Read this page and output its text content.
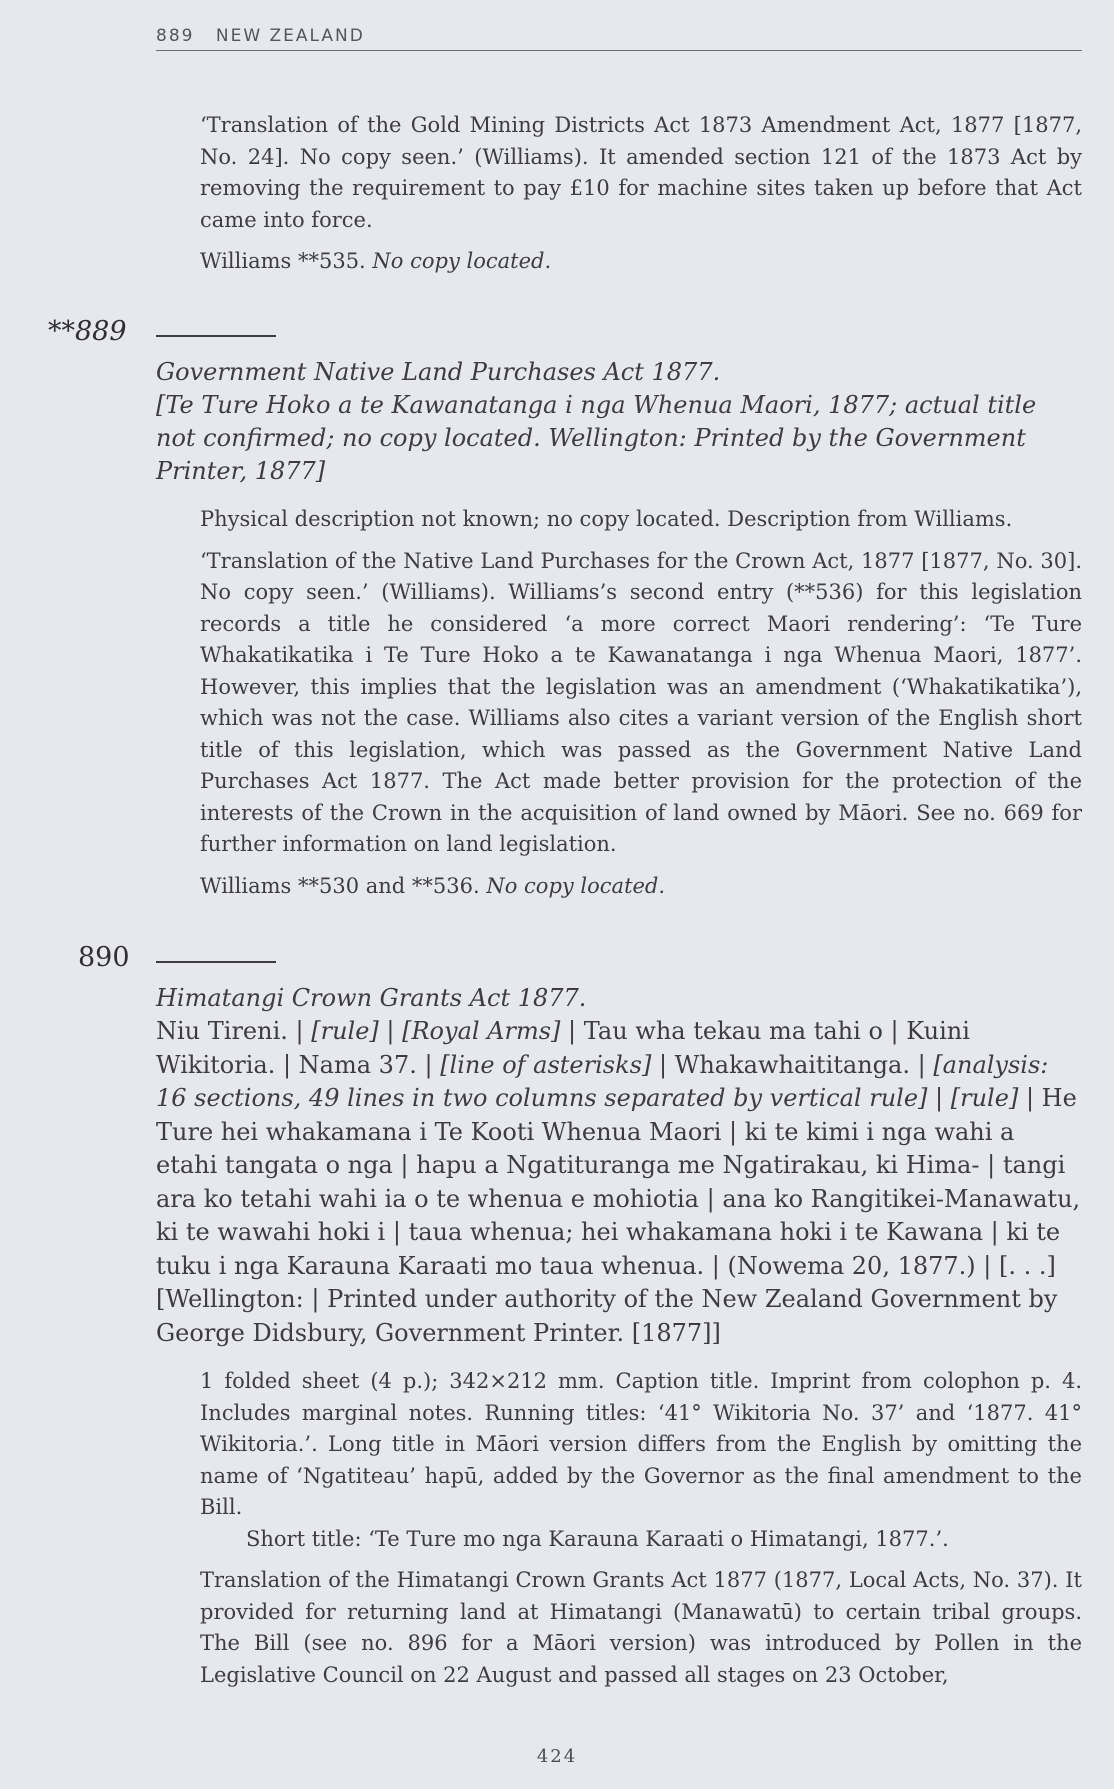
889 NEW ZEALAND

‘Translation of the Gold Mining Districts Act 1873 Amendment Act, 1877 [1877, No. 24]. No copy seen.’ (Williams). It amended section 121 of the 1873 Act by removing the requirement to pay £10 for machine sites taken up before that Act came into force.

Williams **535. No copy located.

**889

Government Native Land Purchases Act 1877.

[Te Ture Hoko a te Kawanatanga i nga Whenua Maori, 1877; actual title not confirmed; no copy located. Wellington: Printed by the Government Printer, 1877]

Physical description not known; no copy located. Description from Williams.

‘Translation of the Native Land Purchases for the Crown Act, 1877 [1877, No. 30]. No copy seen.’ (Williams). Williams’s second entry (**536) for this legislation records a title he considered ‘a more correct Maori rendering’: ‘Te Ture Whakatikatika i Te Ture Hoko a te Kawanatanga i nga Whenua Maori, 1877’. However, this implies that the legislation was an amendment (‘Whakatikatika’), which was not the case. Williams also cites a variant version of the English short title of this legislation, which was passed as the Government Native Land Purchases Act 1877. The Act made better provision for the protection of the interests of the Crown in the acquisition of land owned by Māori. See no. 669 for further information on land legislation.

Williams **530 and **536. No copy located.

890

Himatangi Crown Grants Act 1877.

Niu Tireni. | [rule] | [Royal Arms] | Tau wha tekau ma tahi o | Kuini Wikitoria. | Nama 37. | [line of asterisks] | Whakawhaititanga. | [analysis: 16 sections, 49 lines in two columns separated by vertical rule] | [rule] | He Ture hei whakamana i Te Kooti Whenua Maori | ki te kimi i nga wahi a etahi tangata o nga | hapu a Ngatituranga me Ngatirakau, ki Hima- | tangi ara ko tetahi wahi ia o te whenua e mohiotia | ana ko Rangitikei-Manawatu, ki te wawahi hoki i | taua whenua; hei whakamana hoki i te Kawana | ki te tuku i nga Karauna Karaati mo taua whenua. | (Nowema 20, 1877.) | [. . .] [Wellington: | Printed under authority of the New Zealand Government by George Didsbury, Government Printer. [1877]]

1 folded sheet (4 p.); 342×212 mm. Caption title. Imprint from colophon p. 4. Includes marginal notes. Running titles: ‘41° Wikitoria No. 37’ and ‘1877. 41° Wikitoria.’. Long title in Māori version differs from the English by omitting the name of ‘Ngatiteau’ hapū, added by the Governor as the final amendment to the Bill.

Short title: ‘Te Ture mo nga Karauna Karaati o Himatangi, 1877.’.

Translation of the Himatangi Crown Grants Act 1877 (1877, Local Acts, No. 37). It provided for returning land at Himatangi (Manawatū) to certain tribal groups. The Bill (see no. 896 for a Māori version) was introduced by Pollen in the Legislative Council on 22 August and passed all stages on 23 October,

424
